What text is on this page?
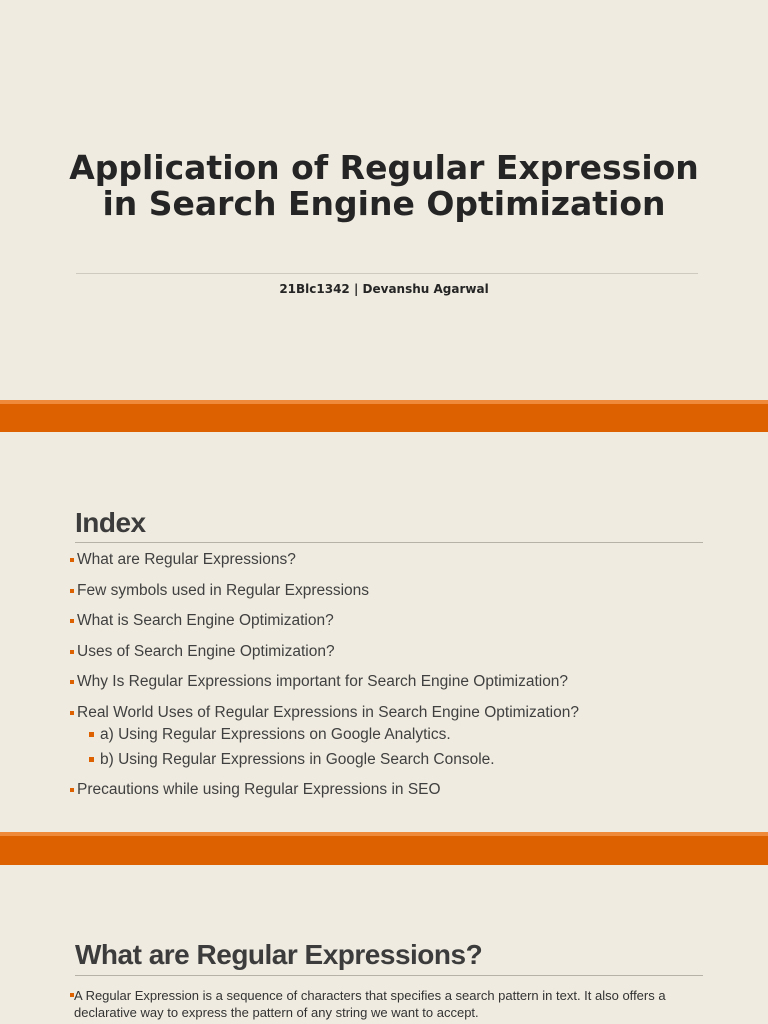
Application of Regular Expression in Search Engine Optimization

21Blc1342 | Devanshu Agarwal

Index
What are Regular Expressions?
Few symbols used in Regular Expressions
What is Search Engine Optimization?
Uses of Search Engine Optimization?
Why Is Regular Expressions important for Search Engine Optimization?
Real World Uses of Regular Expressions in Search Engine Optimization?
a) Using Regular Expressions on Google Analytics.
b) Using Regular Expressions in Google Search Console.
Precautions while using Regular Expressions in SEO
What are Regular Expressions?

A Regular Expression is a sequence of characters that specifies a search pattern in text. It also offers a declarative way to express the pattern of any string we want to accept.
